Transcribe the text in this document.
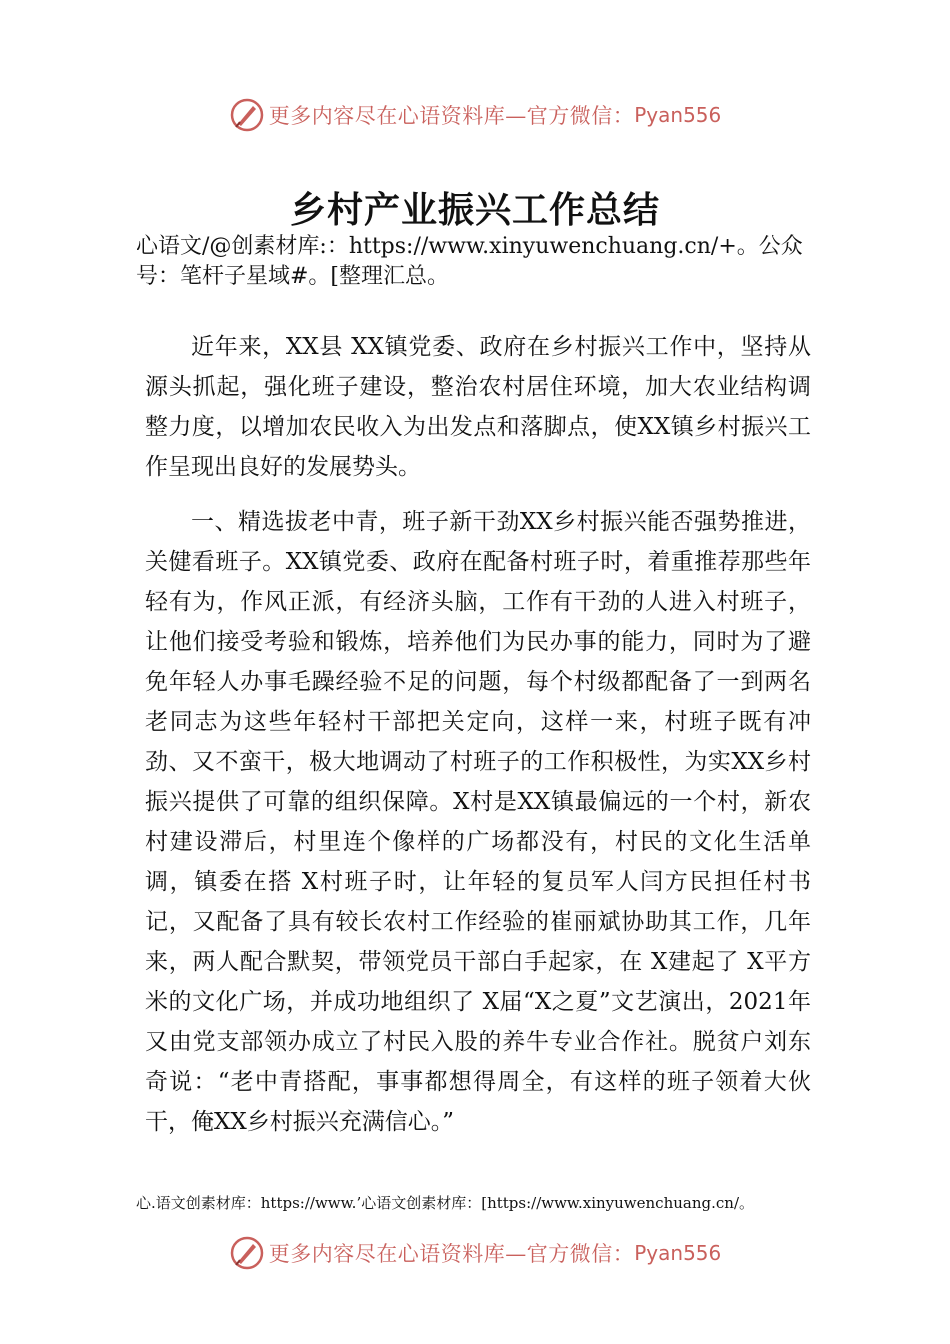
更多内容尽在心语资料库—官方微信： Pyan556
乡村产业振兴工作总结

心语文/@创素材库:：https://www.xinyuwenchuang.cn/+。公众号：笔杆子星域#。[整理汇总。

近年来，XX县 XX镇党委、政府在乡村振兴工作中，坚持从源头抓起，强化班子建设，整治农村居住环境，加大农业结构调整力度，以增加农民收入为出发点和落脚点，使XX镇乡村振兴工作呈现出良好的发展势头。

一、精选拔老中青，班子新干劲XX乡村振兴能否强势推进，关健看班子。XX镇党委、政府在配备村班子时，着重推荐那些年轻有为，作风正派，有经济头脑，工作有干劲的人进入村班子，让他们接受考验和锻炼，培养他们为民办事的能力，同时为了避免年轻人办事毛躁经验不足的问题，每个村级都配备了一到两名老同志为这些年轻村干部把关定向，这样一来，村班子既有冲劲、又不蛮干，极大地调动了村班子的工作积极性，为实XX乡村振兴提供了可靠的组织保障。X村是XX镇最偏远的一个村，新农村建设滞后，村里连个像样的广场都没有，村民的文化生活单调，镇委在搭 X村班子时，让年轻的复员军人闫方民担任村书记，又配备了具有较长农村工作经验的崔丽斌协助其工作，几年来，两人配合默契，带领党员干部白手起家，在 X建起了 X平方米的文化广场，并成功地组织了 X届“X之夏”文艺演出，2021年又由党支部领办成立了村民入股的养牛专业合作社。脱贫户刘东奇说：“老中青搭配，事事都想得周全，有这样的班子领着大伙干，俺XX乡村振兴充满信心。”

心.语文创素材库：https://www.’心语文创素材库：[https://www.xinyuwenchuang.cn/。

更多内容尽在心语资料库—官方微信： Pyan556
